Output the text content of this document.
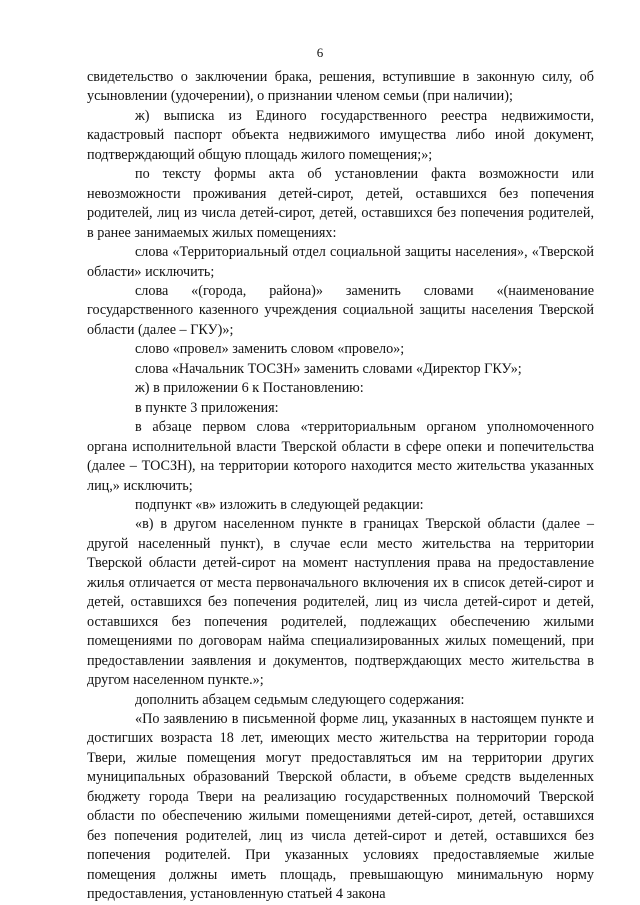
6

свидетельство о заключении брака, решения, вступившие в законную силу, об усыновлении (удочерении), о признании членом семьи (при наличии);

ж) выписка из Единого государственного реестра недвижимости, кадастровый паспорт объекта недвижимого имущества либо иной документ, подтверждающий общую площадь жилого помещения;»;

по тексту формы акта об установлении факта возможности или невозможности проживания детей-сирот, детей, оставшихся без попечения родителей, лиц из числа детей-сирот, детей, оставшихся без попечения родителей, в ранее занимаемых жилых помещениях:

слова «Территориальный отдел социальной защиты населения», «Тверской области» исключить;

слова «(города, района)» заменить словами «(наименование государственного казенного учреждения социальной защиты населения Тверской области (далее – ГКУ)»;

слово «провел» заменить словом «провело»;

слова «Начальник ТОСЗН» заменить словами «Директор ГКУ»;

ж) в приложении 6 к Постановлению:

в пункте 3 приложения:

в абзаце первом слова «территориальным органом уполномоченного органа исполнительной власти Тверской области в сфере опеки и попечительства (далее – ТОСЗН), на территории которого находится место жительства указанных лиц,» исключить;

подпункт «в» изложить в следующей редакции:

«в) в другом населенном пункте в границах Тверской области (далее – другой населенный пункт), в случае если место жительства на территории Тверской области детей-сирот на момент наступления права на предоставление жилья отличается от места первоначального включения их в список детей-сирот и детей, оставшихся без попечения родителей, лиц из числа детей-сирот и детей, оставшихся без попечения родителей, подлежащих обеспечению жилыми помещениями по договорам найма специализированных жилых помещений, при предоставлении заявления и документов, подтверждающих место жительства в другом населенном пункте.»;

дополнить абзацем седьмым следующего содержания:

«По заявлению в письменной форме лиц, указанных в настоящем пункте и достигших возраста 18 лет, имеющих место жительства на территории города Твери, жилые помещения могут предоставляться им на территории других муниципальных образований Тверской области, в объеме средств выделенных бюджету города Твери на реализацию государственных полномочий Тверской области по обеспечению жилыми помещениями детей-сирот, детей, оставшихся без попечения родителей, лиц из числа детей-сирот и детей, оставшихся без попечения родителей. При указанных условиях предоставляемые жилые помещения должны иметь площадь, превышающую минимальную норму предоставления, установленную статьей 4 закона
